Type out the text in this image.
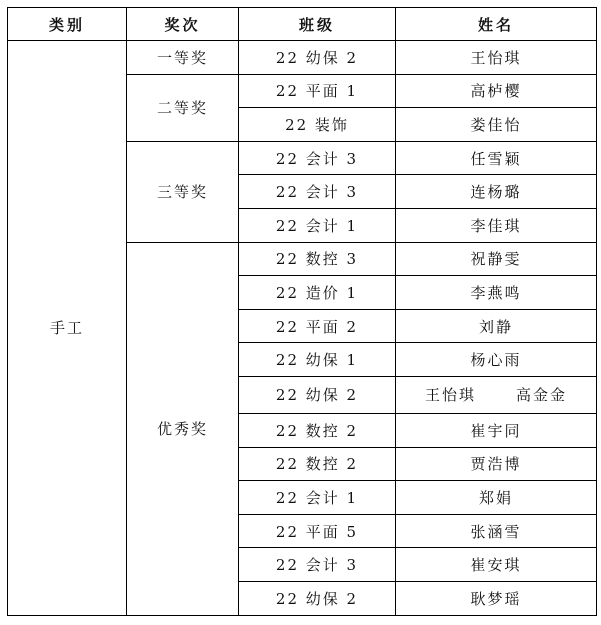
类别	奖次	班级	姓名
手工	一等奖	22 幼保 2	王怡琪
	二等奖	22 平面 1	高栌樱
		22 装饰	娄佳怡
	三等奖	22 会计 3	任雪颖
		22 会计 3	连杨璐
		22 会计 1	李佳琪
	优秀奖	22 数控 3	祝静雯
		22 造价 1	李燕鸣
		22 平面 2	刘静
		22 幼保 1	杨心雨
		22 幼保 2	王怡琪 高金金
		22 数控 2	崔宇同
		22 数控 2	贾浩博
		22 会计 1	郑娟
		22 平面 5	张涵雪
		22 会计 3	崔安琪
		22 幼保 2	耿梦瑶
